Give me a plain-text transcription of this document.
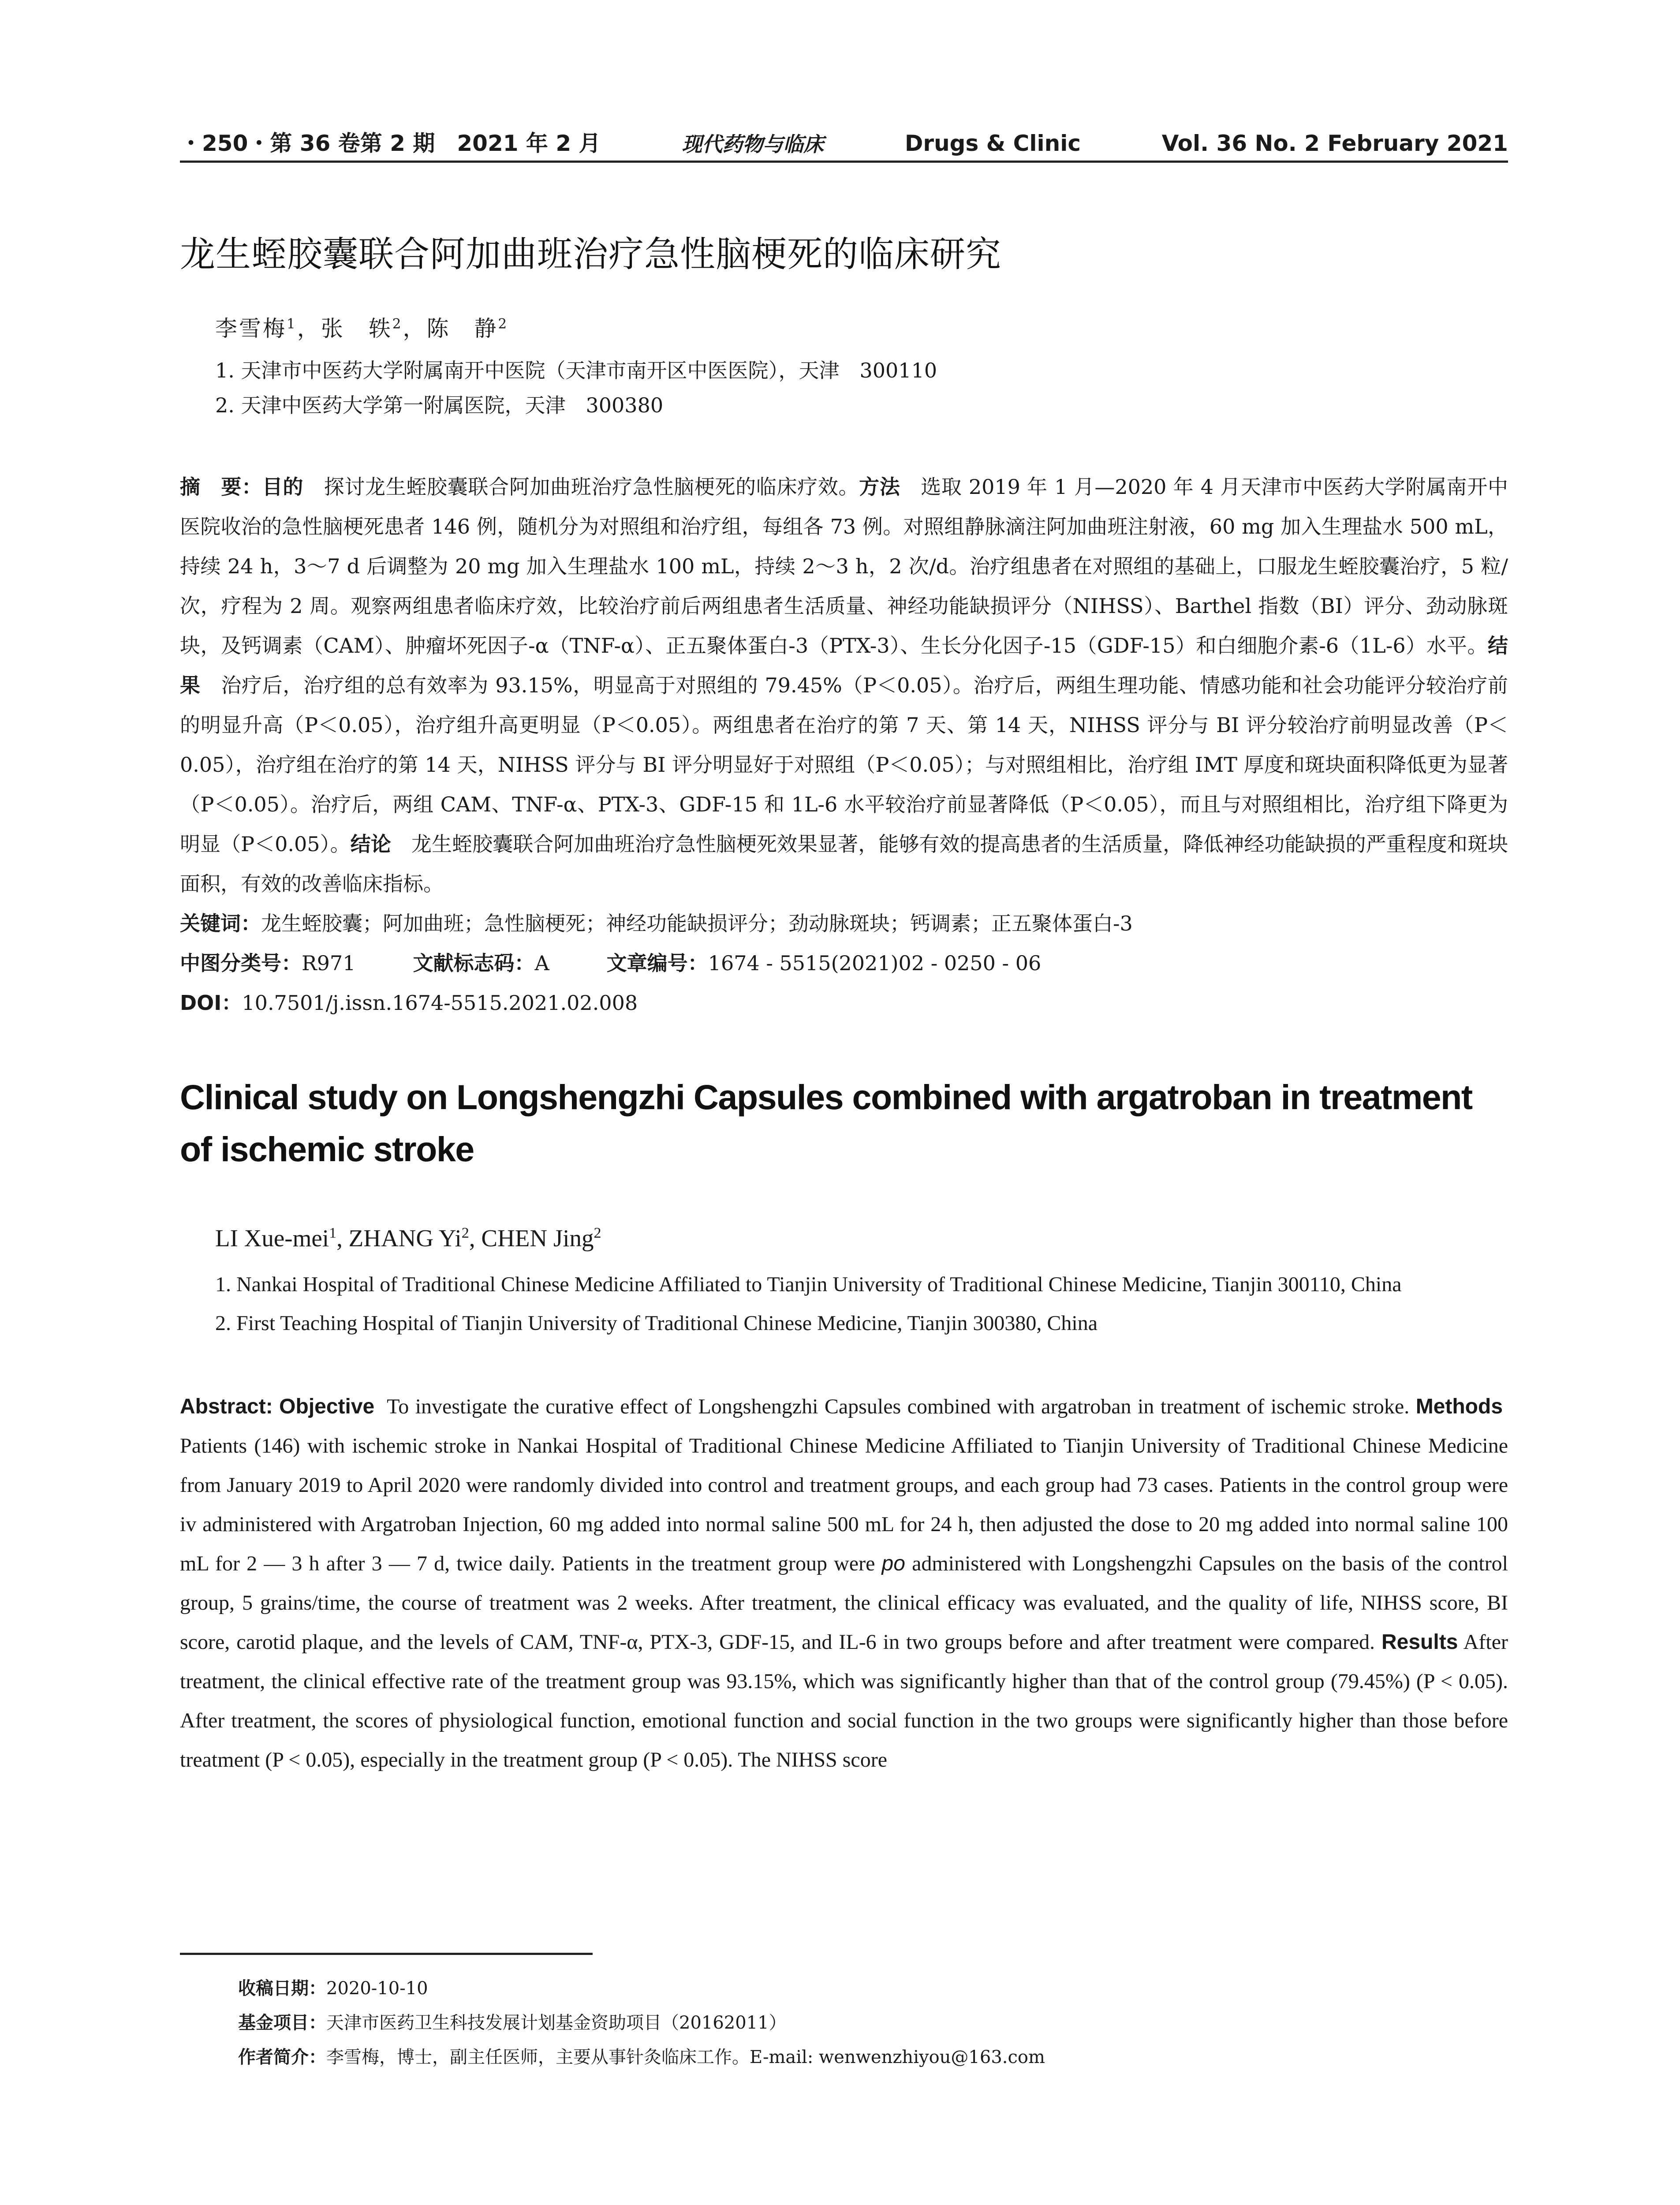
・250・第 36 卷第 2 期　2021 年 2 月	现代药物与临床	Drugs & Clinic	Vol. 36 No. 2 February 2021
龙生蛭胶囊联合阿加曲班治疗急性脑梗死的临床研究
李雪梅$^1$，张　轶$^2$，陈　静$^2$
1. 天津市中医药大学附属南开中医院（天津市南开区中医医院），天津　300110
2. 天津中医药大学第一附属医院，天津　300380
摘　要：目的　 探讨龙生蛭胶囊联合阿加曲班治疗急性脑梗死的临床疗效。方法　 选取 2019 年 1 月—2020 年 4 月天津市中医药大学附属南开中医院收治的急性脑梗死患者 146 例，随机分为对照组和治疗组，每组各 73 例。对照组静脉滴注阿加曲班注射液，60 mg 加入生理盐水 500 mL，持续 24 h，3～7 d 后调整为 20 mg 加入生理盐水 100 mL，持续 2～3 h，2 次/d。治疗组患者在对照组的基础上，口服龙生蛭胶囊治疗，5 粒/次，疗程为 2 周。观察两组患者临床疗效，比较治疗前后两组患者生活质量、神经功能缺损评分（NIHSS）、Barthel 指数（BI）评分、劲动脉斑块，及钙调素（CAM）、肿瘤坏死因子-α（TNF-α）、正五聚体蛋白-3（PTX-3）、生长分化因子-15（GDF-15）和白细胞介素-6（1L-6）水平。结果　 治疗后，治疗组的总有效率为 93.15%，明显高于对照组的 79.45%（P＜0.05）。治疗后，两组生理功能、情感功能和社会功能评分较治疗前的明显升高（P＜0.05），治疗组升高更明显（P＜0.05）。两组患者在治疗的第 7 天、第 14 天，NIHSS 评分与 BI 评分较治疗前明显改善（P＜0.05），治疗组在治疗的第 14 天，NIHSS 评分与 BI 评分明显好于对照组（P＜0.05）；与对照组相比，治疗组 IMT 厚度和斑块面积降低更为显著（P＜0.05）。治疗后，两组 CAM、TNF-α、PTX-3、GDF-15 和 1L-6 水平较治疗前显著降低（P＜0.05），而且与对照组相比，治疗组下降更为明显（P＜0.05）。结论　 龙生蛭胶囊联合阿加曲班治疗急性脑梗死效果显著，能够有效的提高患者的生活质量，降低神经功能缺损的严重程度和斑块面积，有效的改善临床指标。
关键词：龙生蛭胶囊；阿加曲班；急性脑梗死；神经功能缺损评分；劲动脉斑块；钙调素；正五聚体蛋白-3
中图分类号：R971	文献标志码：A	文章编号：1674 - 5515(2021)02 - 0250 - 06
DOI：10.7501/j.issn.1674-5515.2021.02.008
Clinical study on Longshengzhi Capsules combined with argatroban in treatment of ischemic stroke
LI Xue-mei$^1$, ZHANG Yi$^2$, CHEN Jing$^2$
1. Nankai Hospital of Traditional Chinese Medicine Affiliated to Tianjin University of Traditional Chinese Medicine, Tianjin 300110, China
2. First Teaching Hospital of Tianjin University of Traditional Chinese Medicine, Tianjin 300380, China
Abstract: Objective To investigate the curative effect of Longshengzhi Capsules combined with argatroban in treatment of ischemic stroke. Methods  Patients (146) with ischemic stroke in Nankai Hospital of Traditional Chinese Medicine Affiliated to Tianjin University of Traditional Chinese Medicine from January 2019 to April 2020 were randomly divided into control and treatment groups, and each group had 73 cases. Patients in the control group were iv administered with Argatroban Injection, 60 mg added into normal saline 500 mL for 24 h, then adjusted the dose to 20 mg added into normal saline 100 mL for 2 — 3 h after 3 — 7 d, twice daily. Patients in the treatment group were po administered with Longshengzhi Capsules on the basis of the control group, 5 grains/time, the course of treatment was 2 weeks. After treatment, the clinical efficacy was evaluated, and the quality of life, NIHSS score, BI score, carotid plaque, and the levels of CAM, TNF-α, PTX-3, GDF-15, and IL-6 in two groups before and after treatment were compared. Results After treatment, the clinical effective rate of the treatment group was 93.15%, which was significantly higher than that of the control group (79.45%) (P < 0.05). After treatment, the scores of physiological function, emotional function and social function in the two groups were significantly higher than those before treatment (P < 0.05), especially in the treatment group (P < 0.05). The NIHSS score
收稿日期：2020-10-10
基金项目：天津市医药卫生科技发展计划基金资助项目（20162011）
作者简介：李雪梅，博士，副主任医师，主要从事针灸临床工作。E-mail: wenwenzhiyou@163.com
